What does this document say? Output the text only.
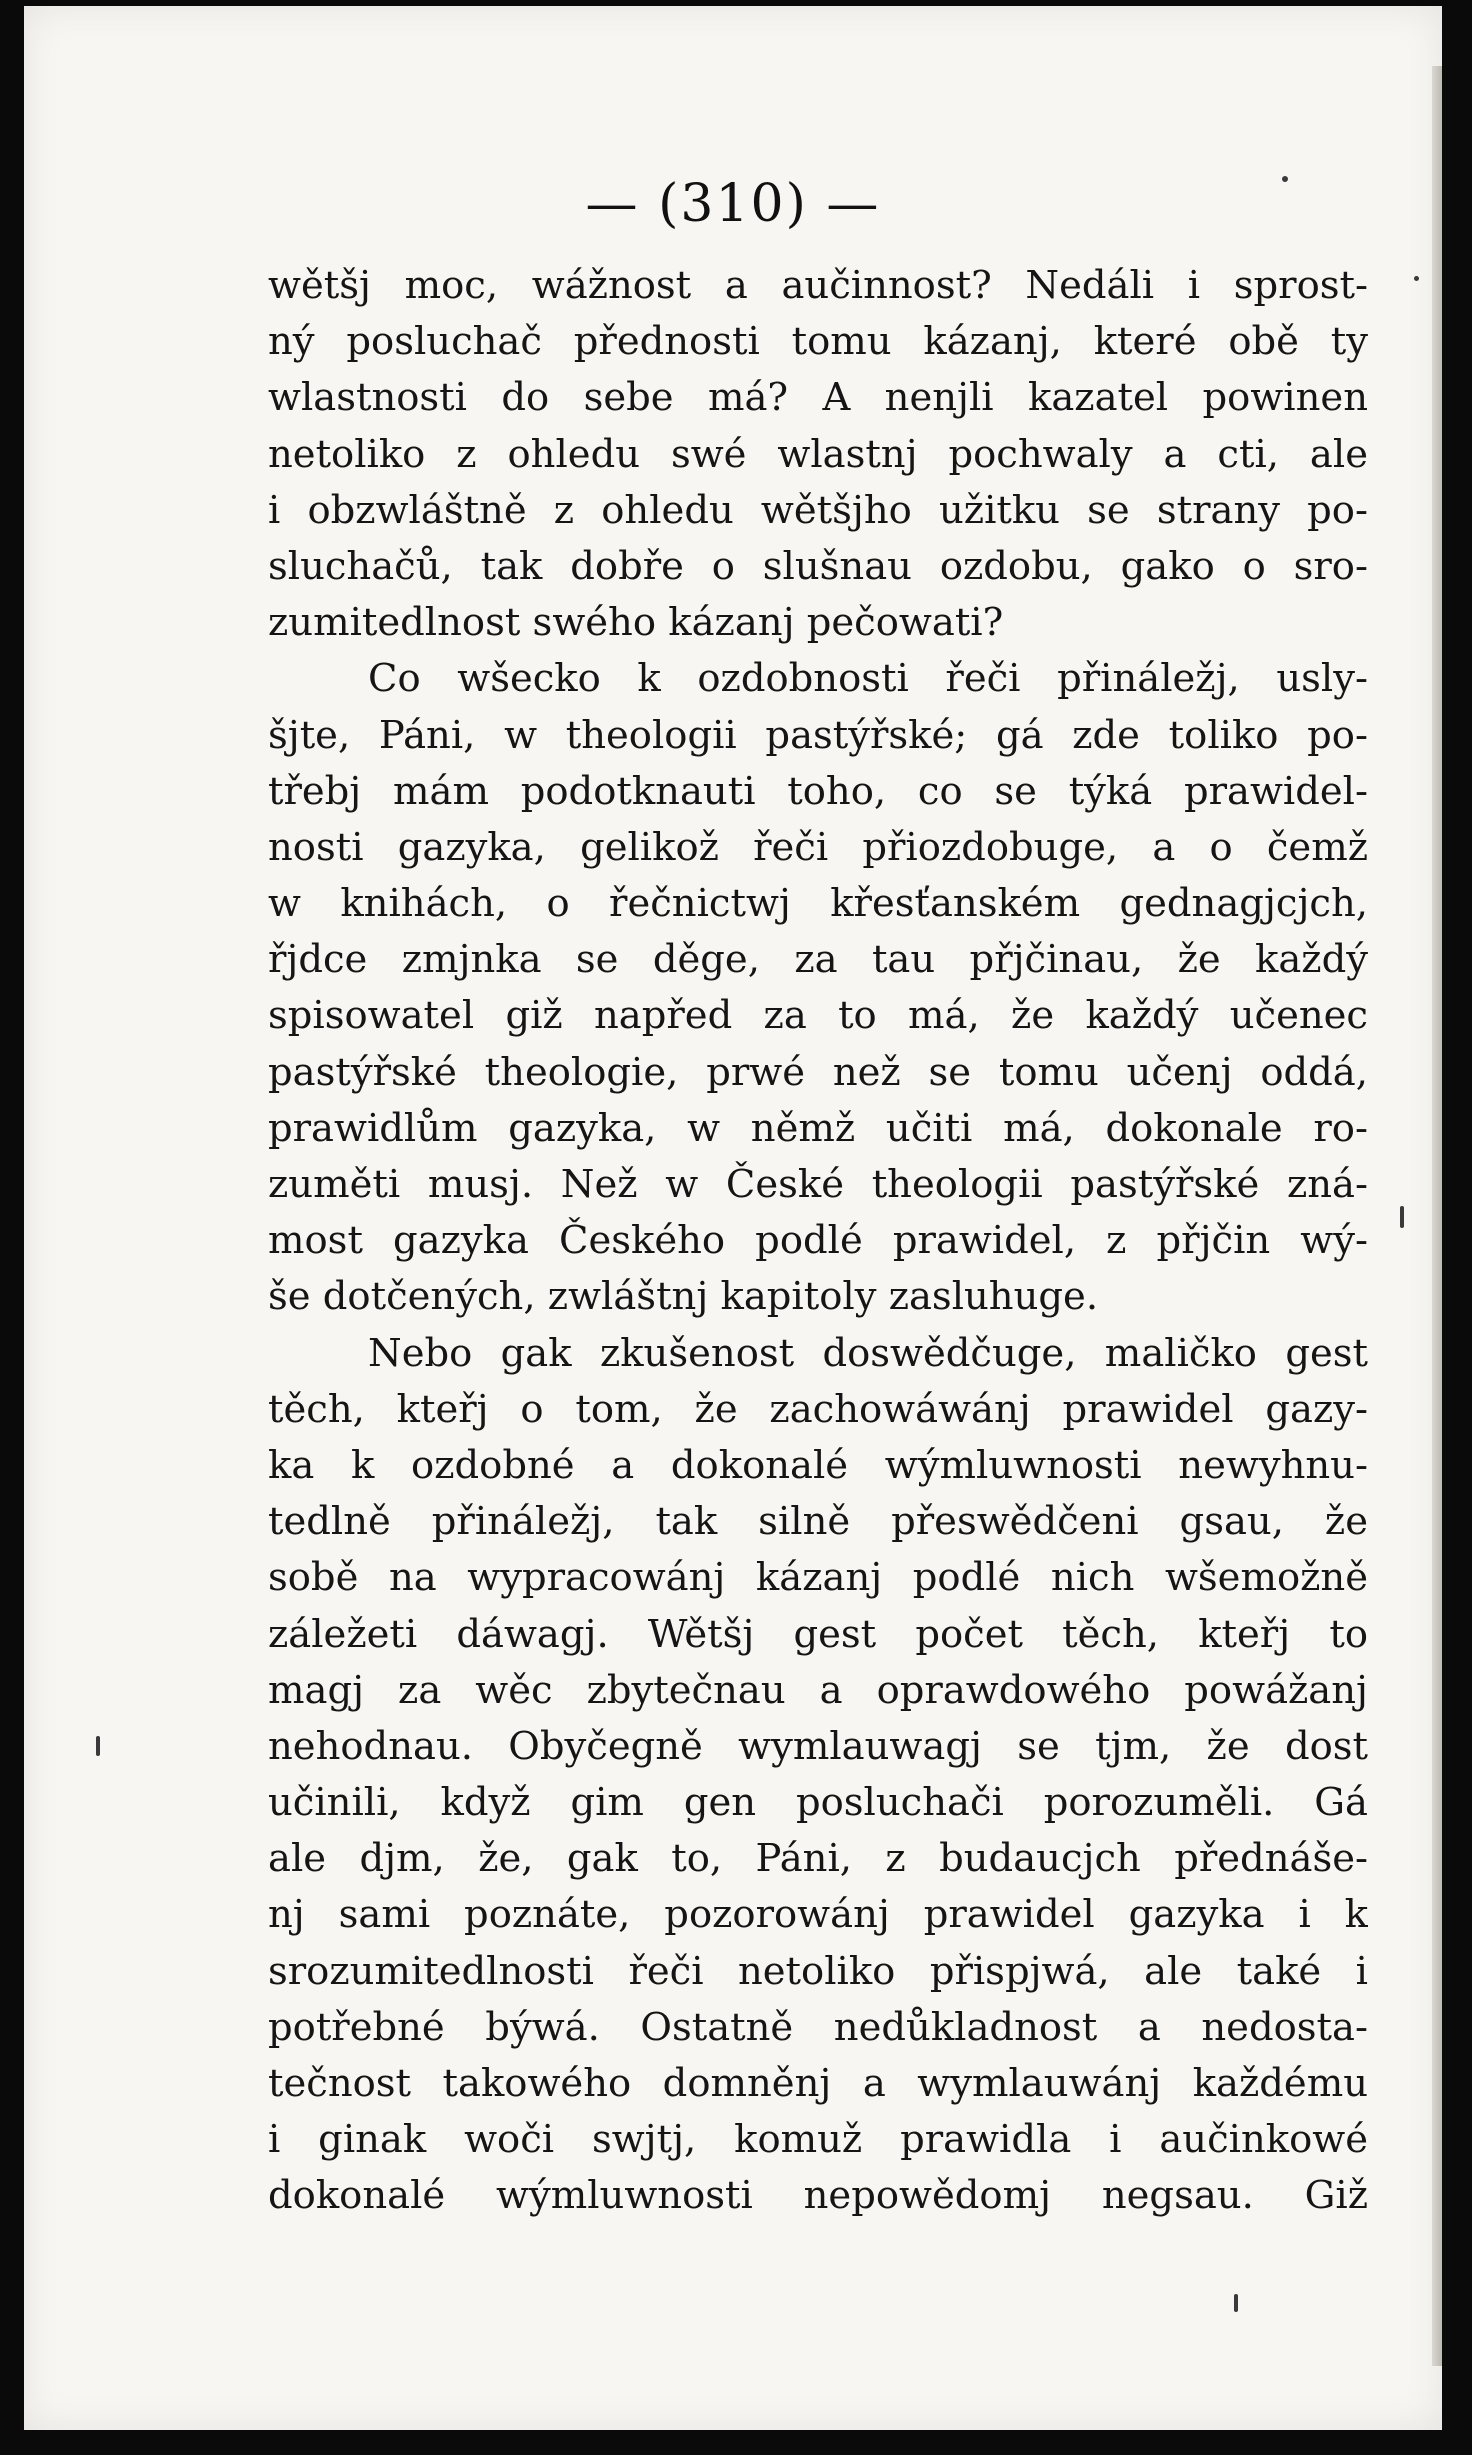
— (310) —
wětšj moc, wážnost a aučinnost? Nedáli i sprost-
ný posluchač přednosti tomu kázanj, které obě ty
wlastnosti do sebe má? A nenjli kazatel powinen
netoliko z ohledu swé wlastnj pochwaly a cti, ale
i obzwláštně z ohledu wětšjho užitku se strany po-
sluchačů, tak dobře o slušnau ozdobu, gako o sro-
zumitedlnost swého kázanj pečowati?
Co wšecko k ozdobnosti řeči přináležj, usly-
šjte, Páni, w theologii pastýřské; gá zde toliko po-
třebj mám podotknauti toho, co se týká prawidel-
nosti gazyka, gelikož řeči přiozdobuge, a o čemž
w knihách, o řečnictwj křesťanském gednagjcjch,
řjdce zmjnka se děge, za tau přjčinau, že každý
spisowatel giž napřed za to má, že každý učenec
pastýřské theologie, prwé než se tomu učenj oddá,
prawidlům gazyka, w němž učiti má, dokonale ro-
zuměti musj. Než w České theologii pastýřské zná-
most gazyka Českého podlé prawidel, z přjčin wý-
še dotčených, zwláštnj kapitoly zasluhuge.
Nebo gak zkušenost doswědčuge, maličko gest
těch, kteřj o tom, že zachowáwánj prawidel gazy-
ka k ozdobné a dokonalé wýmluwnosti newyhnu-
tedlně přináležj, tak silně přeswědčeni gsau, že
sobě na wypracowánj kázanj podlé nich wšemožně
záležeti dáwagj. Wětšj gest počet těch, kteřj to
magj za wěc zbytečnau a oprawdowého powážanj
nehodnau. Obyčegně wymlauwagj se tjm, že dost
učinili, když gim gen posluchači porozuměli. Gá
ale djm, že, gak to, Páni, z budaucjch přednáše-
nj sami poznáte, pozorowánj prawidel gazyka i k
srozumitedlnosti řeči netoliko přispjwá, ale také i
potřebné býwá. Ostatně nedůkladnost a nedosta-
tečnost takowého domněnj a wymlauwánj každému
i ginak woči swjtj, komuž prawidla i aučinkowé
dokonalé wýmluwnosti nepowědomj negsau. Giž
